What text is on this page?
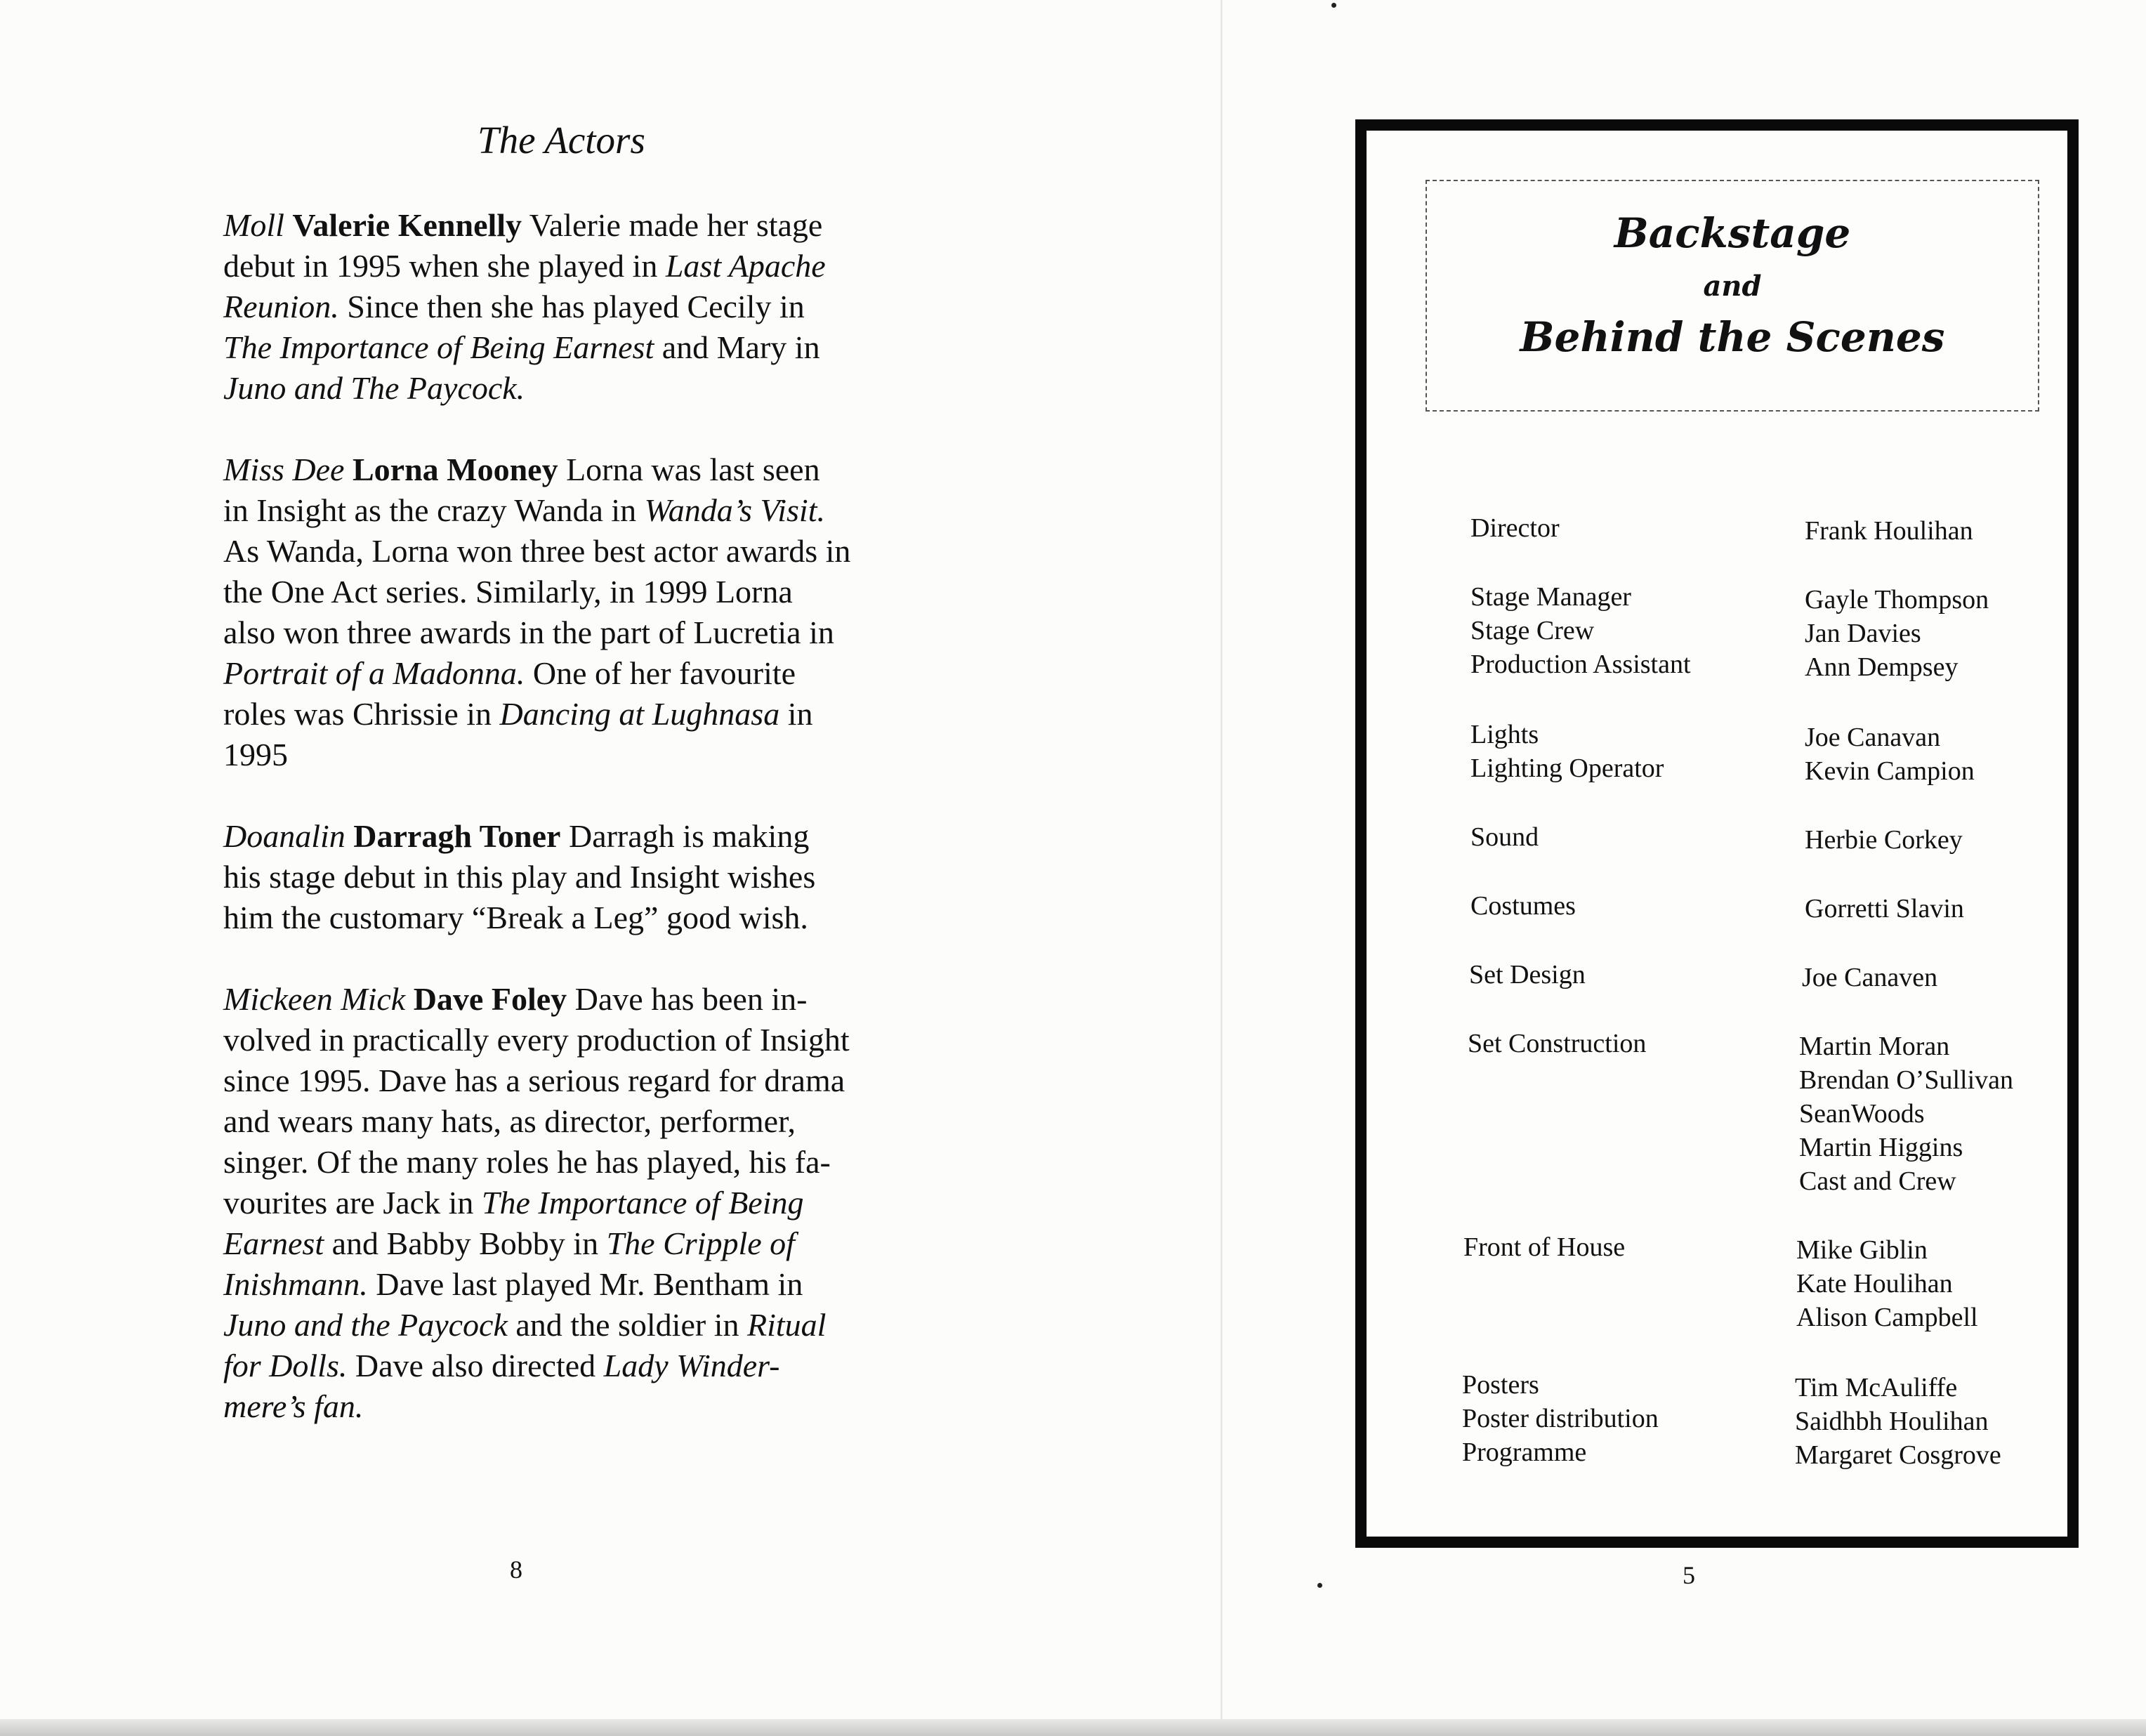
The Actors
Moll Valerie Kennelly Valerie made her stage
debut in 1995 when she played in Last Apache
Reunion. Since then she has played Cecily in
The Importance of Being Earnest and Mary in
Juno and The Paycock.
Miss Dee Lorna Mooney Lorna was last seen
in Insight as the crazy Wanda in Wanda’s Visit.
As Wanda, Lorna won three best actor awards in
the One Act series. Similarly, in 1999 Lorna
also won three awards in the part of Lucretia in
Portrait of a Madonna. One of her favourite
roles was Chrissie in Dancing at Lughnasa in
1995
Doanalin Darragh Toner Darragh is making
his stage debut in this play and Insight wishes
him the customary “Break a Leg” good wish.
Mickeen Mick Dave Foley Dave has been in-
volved in practically every production of Insight
since 1995. Dave has a serious regard for drama
and wears many hats, as director, performer,
singer. Of the many roles he has played, his fa-
vourites are Jack in The Importance of Being
Earnest and Babby Bobby in The Cripple of
Inishmann. Dave last played Mr. Bentham in
Juno and the Paycock and the soldier in Ritual
for Dolls. Dave also directed Lady Winder-
mere’s fan.
8
Backstage
and
Behind the Scenes
Director	Frank Houlihan
Stage Manager	Gayle Thompson
Stage Crew	Jan Davies
Production Assistant	Ann Dempsey
Lights	Joe Canavan
Lighting Operator	Kevin Campion
Sound	Herbie Corkey
Costumes	Gorretti Slavin
Set Design	Joe Canaven
Set Construction	Martin Moran
Brendan O’Sullivan
SeanWoods
Martin Higgins
Cast and Crew
Front of House	Mike Giblin
Kate Houlihan
Alison Campbell
Posters	Tim McAuliffe
Poster distribution	Saidhbh Houlihan
Programme	Margaret Cosgrove
5
